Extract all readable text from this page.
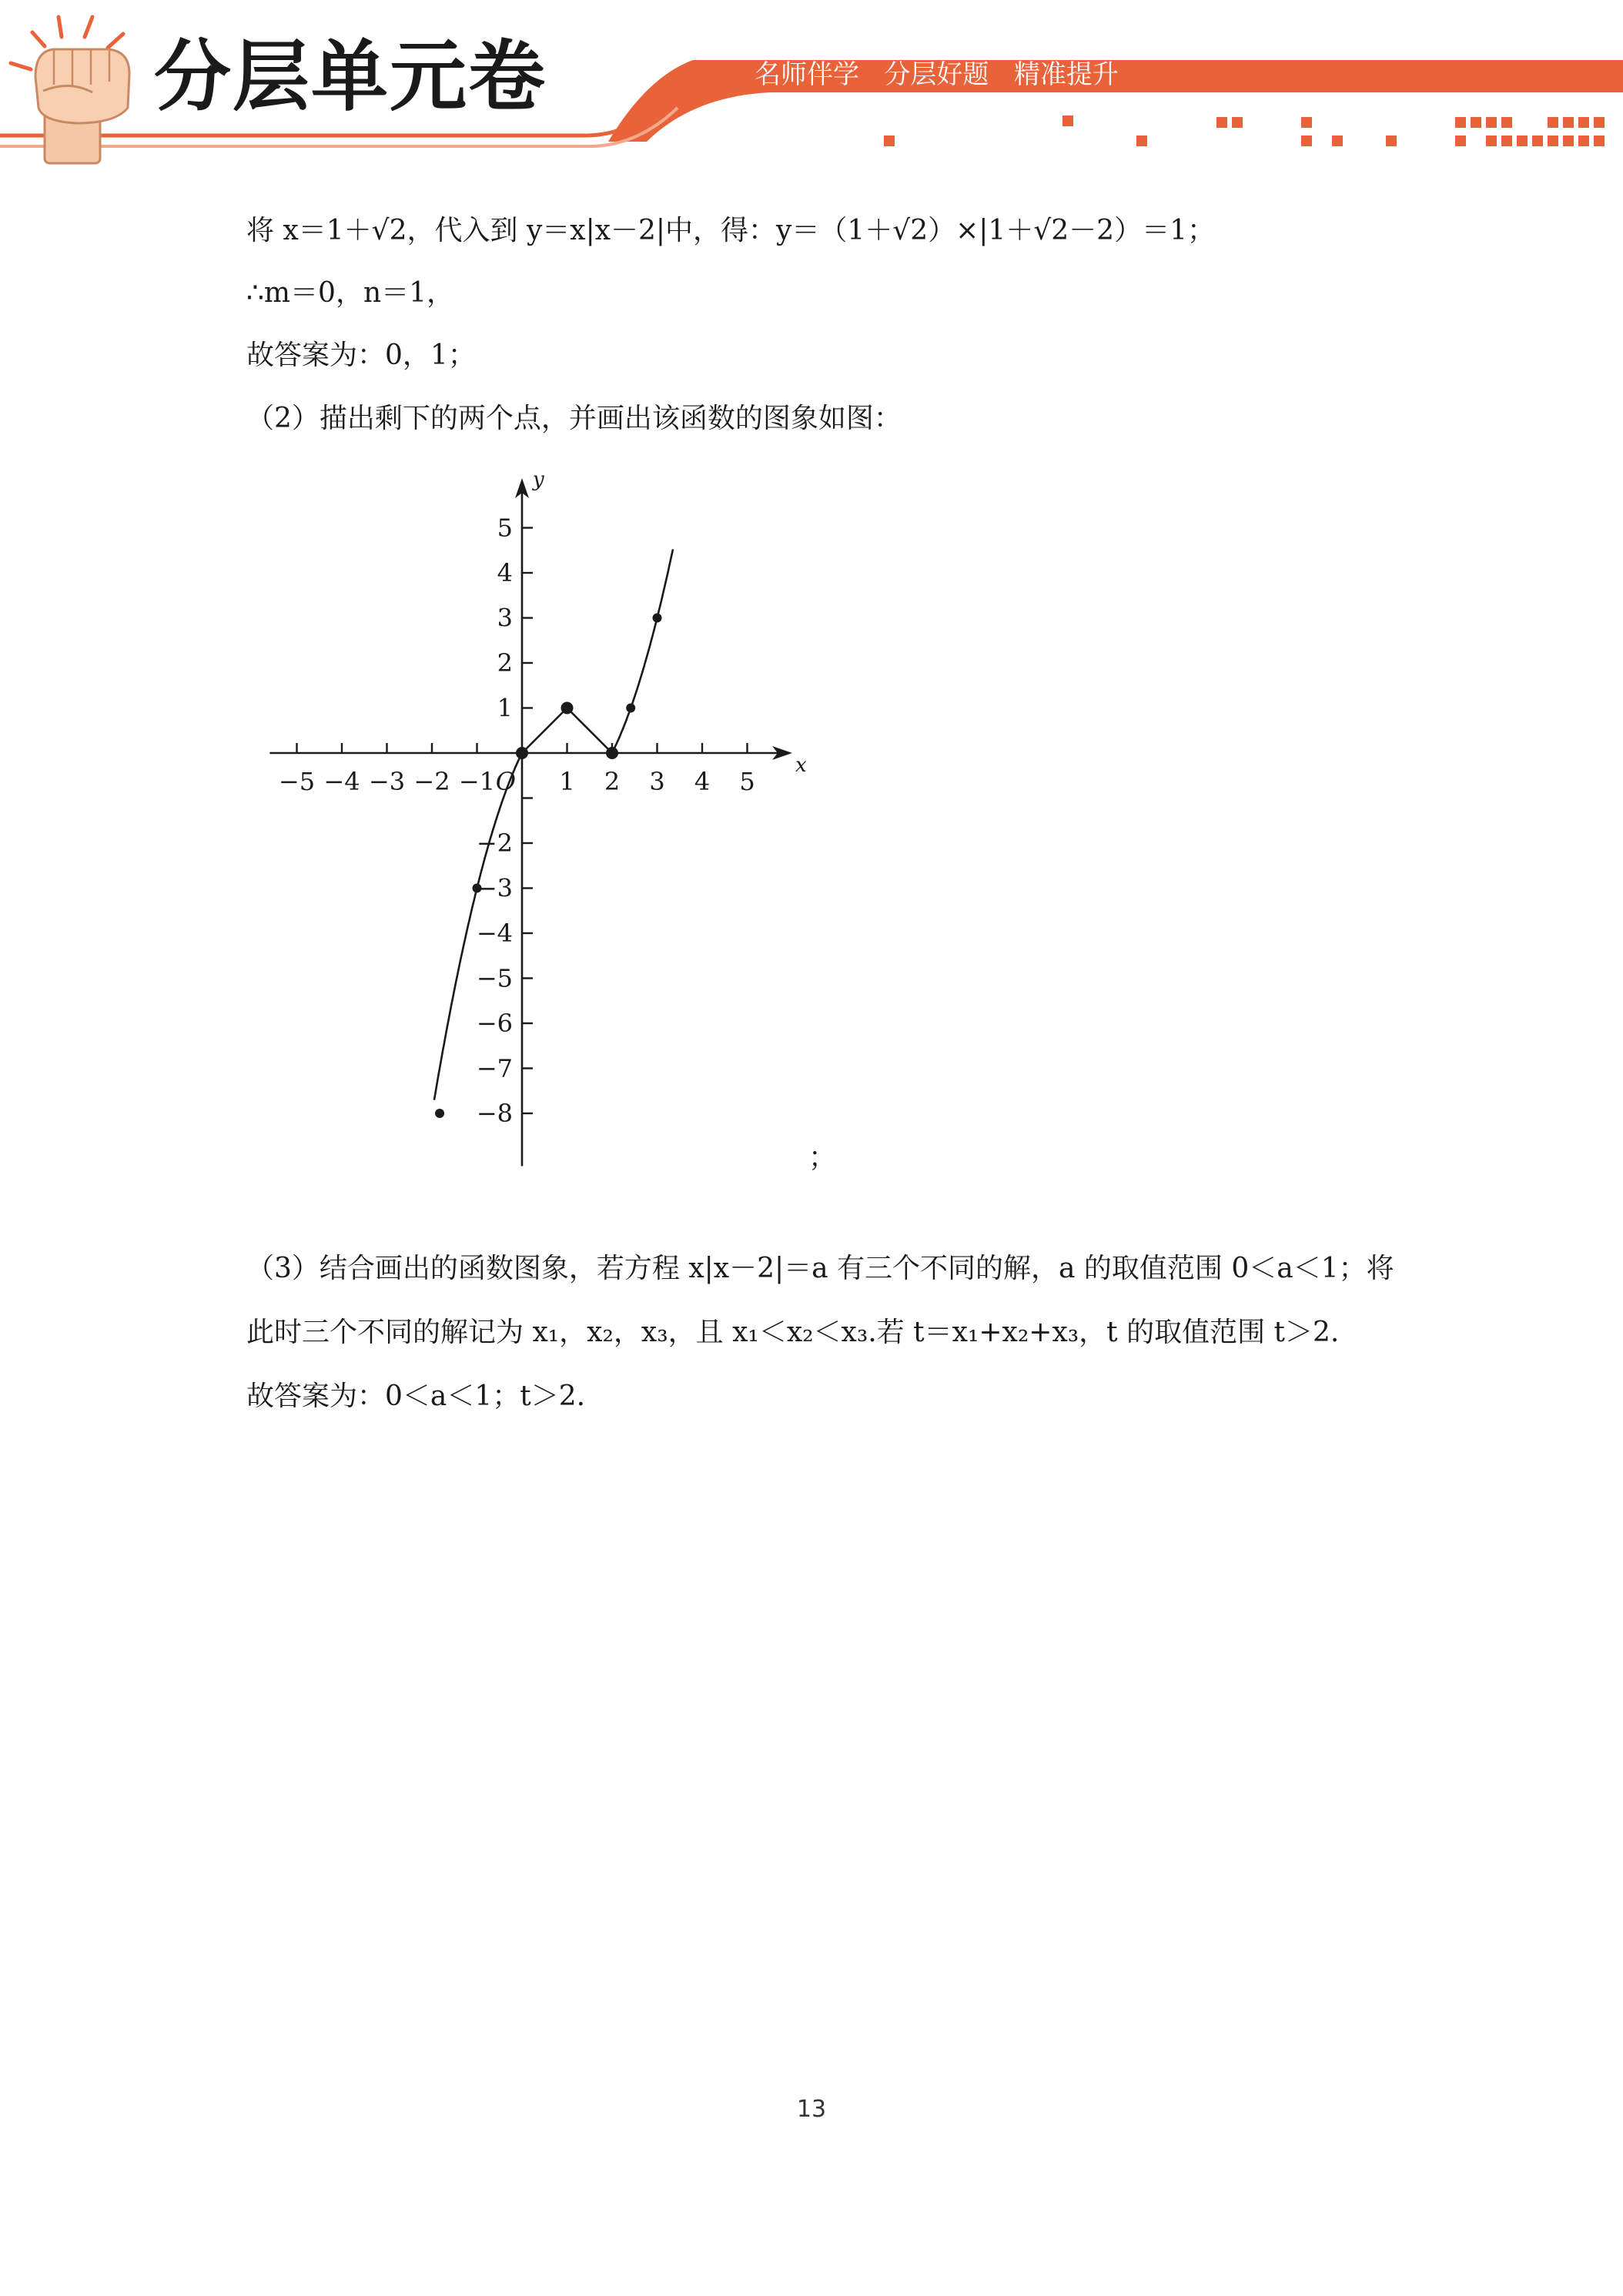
分层单元卷	名师伴学   分层好题   精准提升
将 x＝1＋√2，代入到 y＝x|x－2|中，得：y＝（1＋√2）×|1＋√2－2）＝1；
∴m＝0，n＝1，
故答案为：0，1；
（2）描出剩下的两个点，并画出该函数的图象如图：
x
y
−5 −4 −3 −2 −1	1 2 3 4 5
O
−8
−7
−6
−5
−4
−3
−2
1
2
3
4
5
；
（3）结合画出的函数图象，若方程 x|x－2|＝a 有三个不同的解，a 的取值范围 0＜a＜1；将
此时三个不同的解记为 x₁，x₂，x₃，且 x₁＜x₂＜x₃.若 t＝x₁+x₂+x₃，t 的取值范围 t＞2.
故答案为：0＜a＜1；t＞2.
13
